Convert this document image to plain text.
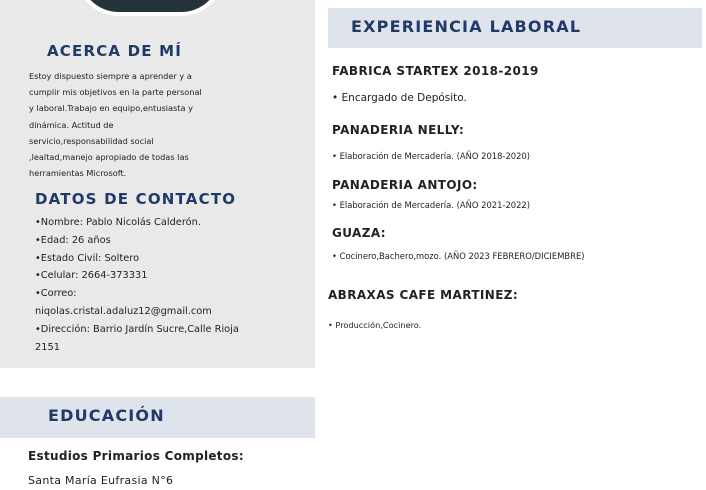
ACERCA DE MÍ

Estoy dispuesto siempre a aprender y a
cumplir mis objetivos en la parte personal
y laboral.Trabajo en equipo,entusiasta y
dinámica. Actitud de
servicio,responsabilidad social
,lealtad,manejo apropiado de todas las
herramientas Microsoft.

DATOS DE CONTACTO
•Nombre: Pablo Nicolás Calderón.
•Edad: 26 años
•Estado Civil: Soltero
•Celular: 2664-373331
•Correo:
niqolas.cristal.adaluz12@gmail.com
•Dirección: Barrio Jardín Sucre,Calle Rioja
2151
EDUCACIÓN
Estudios Primarios Completos:
Santa María Eufrasia N°6
EXPERIENCIA LABORAL
FABRICA STARTEX 2018-2019
• Encargado de Depósito.
PANADERIA NELLY:
• Elaboración de Mercadería. (AÑO 2018-2020)
PANADERIA ANTOJO:
• Elaboración de Mercadería. (AÑO 2021-2022)
GUAZA:
• Cocinero,Bachero,mozo. (AÑO 2023 FEBRERO/DICIEMBRE)
ABRAXAS CAFE MARTINEZ:
• Producción,Cocinero.
